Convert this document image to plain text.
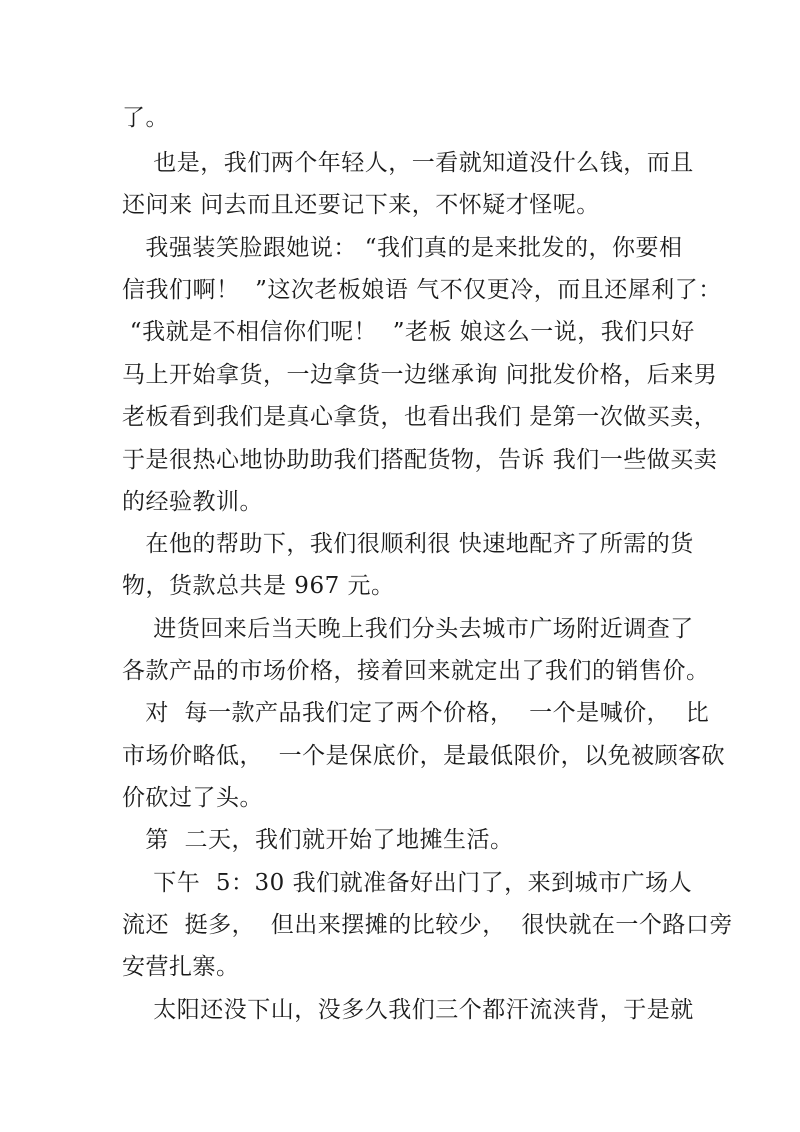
了。
也是，我们两个年轻人，一看就知道没什么钱，而且
还问来 问去而且还要记下来，不怀疑才怪呢。
我强装笑脸跟她说： “我们真的是来批发的，你要相
信我们啊！  ”这次老板娘语 气不仅更冷，而且还犀利了：
“我就是不相信你们呢！  ”老板 娘这么一说，我们只好
马上开始拿货，一边拿货一边继承询 问批发价格，后来男
老板看到我们是真心拿货，也看出我们 是第一次做买卖，
于是很热心地协助助我们搭配货物，告诉 我们一些做买卖
的经验教训。
在他的帮助下，我们很顺利很 快速地配齐了所需的货
物，货款总共是 967 元。
进货回来后当天晚上我们分头去城市广场附近调查了
各款产品的市场价格，接着回来就定出了我们的销售价。
对  每一款产品我们定了两个价格，  一个是喊价，  比
市场价略低，  一个是保底价，是最低限价，以免被顾客砍
价砍过了头。
第  二天，我们就开始了地摊生活。
下午  5：30 我们就准备好出门了，来到城市广场人
流还  挺多，  但出来摆摊的比较少，  很快就在一个路口旁
安营扎寨。
太阳还没下山，没多久我们三个都汗流浃背，于是就
